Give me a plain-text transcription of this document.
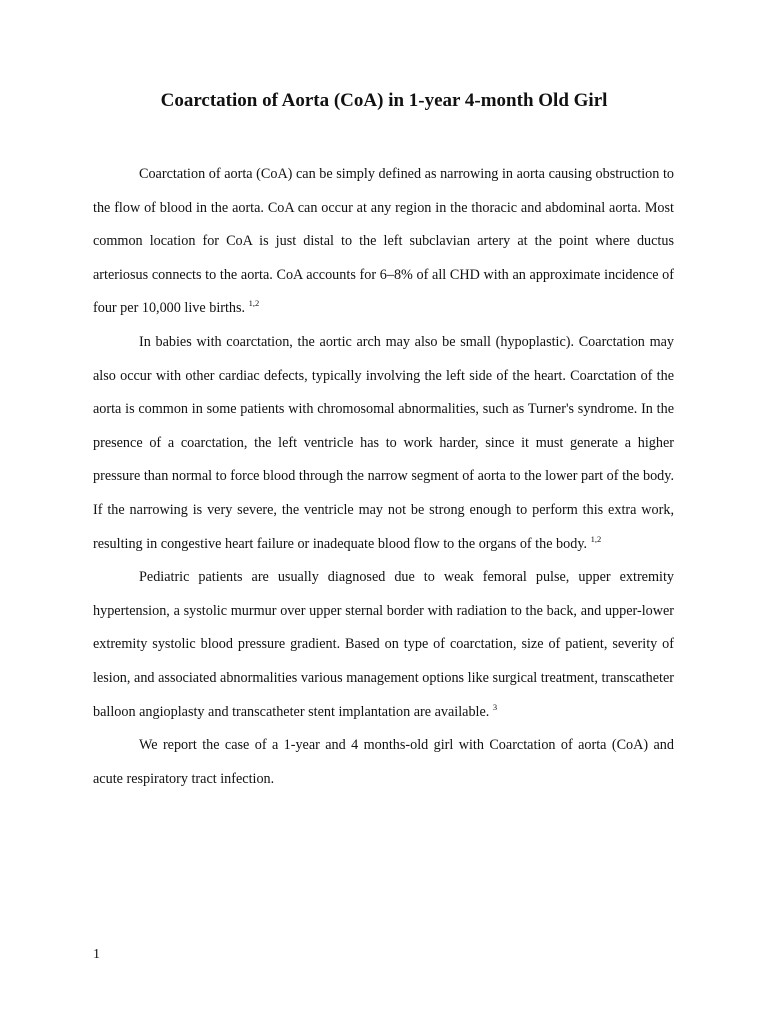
Coarctation of Aorta (CoA) in 1-year 4-month Old Girl

Coarctation of aorta (CoA) can be simply defined as narrowing in aorta causing obstruction to the flow of blood in the aorta. CoA can occur at any region in the thoracic and abdominal aorta. Most common location for CoA is just distal to the left subclavian artery at the point where ductus arteriosus connects to the aorta. CoA accounts for 6–8% of all CHD with an approximate incidence of four per 10,000 live births. $^{1,2}$

In babies with coarctation, the aortic arch may also be small (hypoplastic). Coarctation may also occur with other cardiac defects, typically involving the left side of the heart. Coarctation of the aorta is common in some patients with chromosomal abnormalities, such as Turner's syndrome. In the presence of a coarctation, the left ventricle has to work harder, since it must generate a higher pressure than normal to force blood through the narrow segment of aorta to the lower part of the body. If the narrowing is very severe, the ventricle may not be strong enough to perform this extra work, resulting in congestive heart failure or inadequate blood flow to the organs of the body. $^{1,2}$

Pediatric patients are usually diagnosed due to weak femoral pulse, upper extremity hypertension, a systolic murmur over upper sternal border with radiation to the back, and upper-lower extremity systolic blood pressure gradient. Based on type of coarctation, size of patient, severity of lesion, and associated abnormalities various management options like surgical treatment, transcatheter balloon angioplasty and transcatheter stent implantation are available. $^3$

We report the case of a 1-year and 4 months-old girl with Coarctation of aorta (CoA) and acute respiratory tract infection.

1
